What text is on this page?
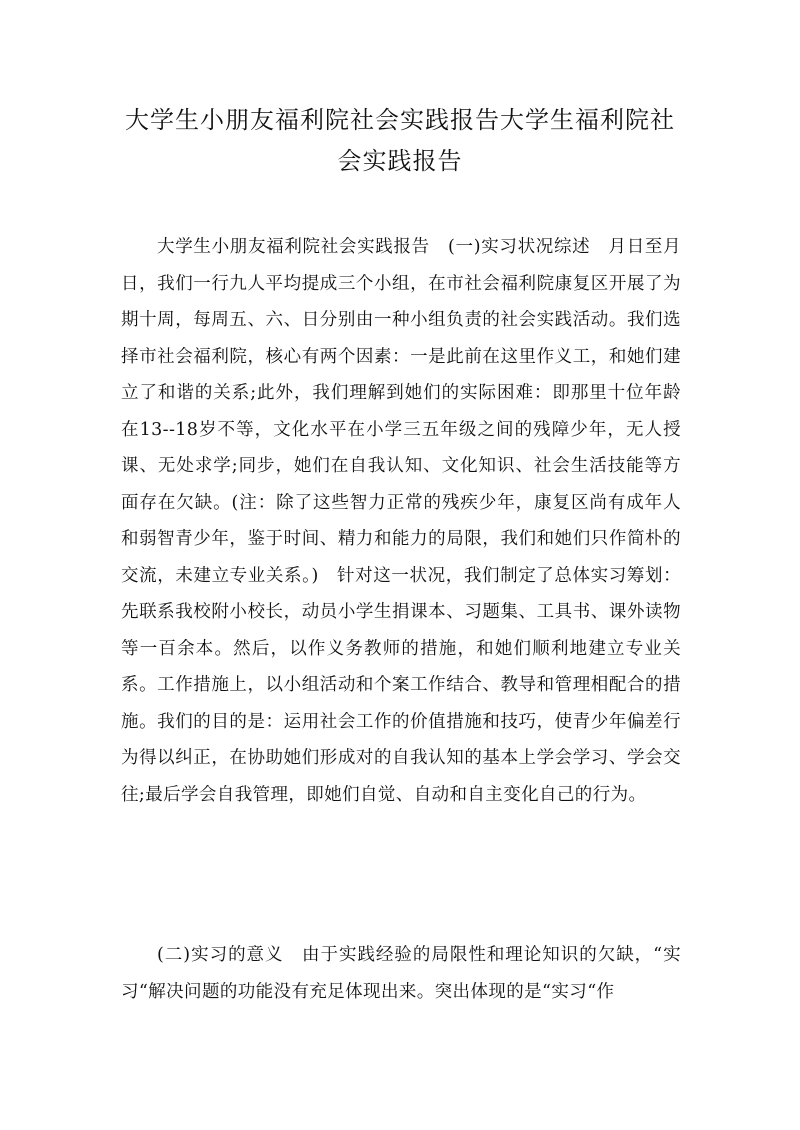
大学生小朋友福利院社会实践报告大学生福利院社会实践报告

大学生小朋友福利院社会实践报告　(一)实习状况综述　月日至月日，我们一行九人平均提成三个小组，在市社会福利院康复区开展了为期十周，每周五、六、日分别由一种小组负责的社会实践活动。我们选择市社会福利院，核心有两个因素：一是此前在这里作义工，和她们建立了和谐的关系;此外，我们理解到她们的实际困难：即那里十位年龄在13--18岁不等，文化水平在小学三五年级之间的残障少年，无人授课、无处求学;同步，她们在自我认知、文化知识、社会生活技能等方面存在欠缺。(注：除了这些智力正常的残疾少年，康复区尚有成年人和弱智青少年，鉴于时间、精力和能力的局限，我们和她们只作简朴的交流，未建立专业关系。)　针对这一状况，我们制定了总体实习筹划：先联系我校附小校长，动员小学生捐课本、习题集、工具书、课外读物等一百余本。然后，以作义务教师的措施，和她们顺利地建立专业关系。工作措施上，以小组活动和个案工作结合、教导和管理相配合的措施。我们的目的是：运用社会工作的价值措施和技巧，使青少年偏差行为得以纠正，在协助她们形成对的自我认知的基本上学会学习、学会交往;最后学会自我管理，即她们自觉、自动和自主变化自己的行为。

(二)实习的意义　由于实践经验的局限性和理论知识的欠缺，“实习“解决问题的功能没有充足体现出来。突出体现的是“实习“作
